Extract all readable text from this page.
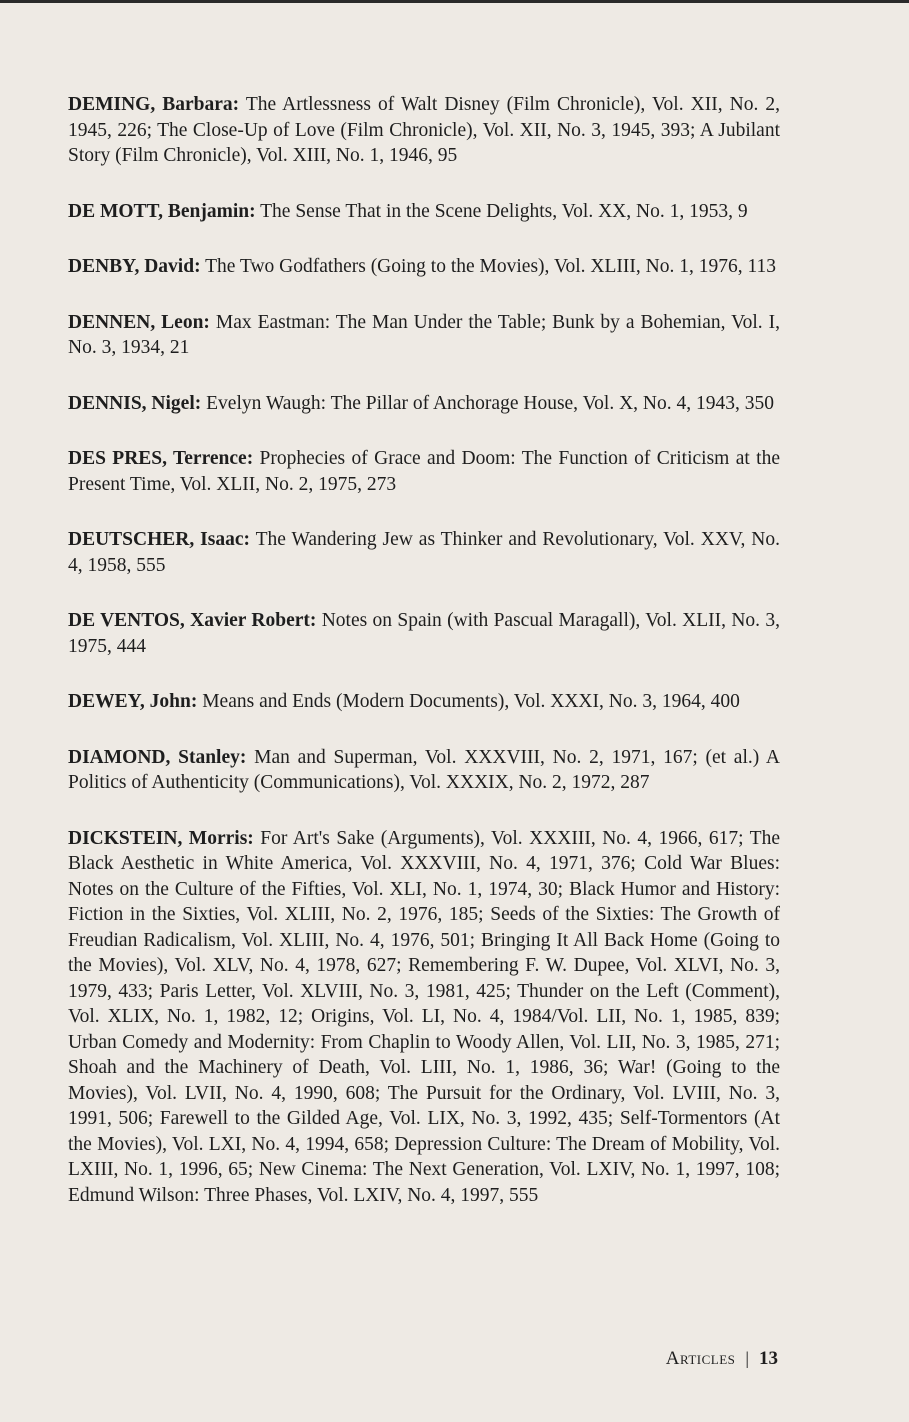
DEMING, Barbara: The Artlessness of Walt Disney (Film Chronicle), Vol. XII, No. 2, 1945, 226; The Close-Up of Love (Film Chronicle), Vol. XII, No. 3, 1945, 393; A Jubilant Story (Film Chronicle), Vol. XIII, No. 1, 1946, 95

DE MOTT, Benjamin: The Sense That in the Scene Delights, Vol. XX, No. 1, 1953, 9

DENBY, David: The Two Godfathers (Going to the Movies), Vol. XLIII, No. 1, 1976, 113

DENNEN, Leon: Max Eastman: The Man Under the Table; Bunk by a Bohemian, Vol. I, No. 3, 1934, 21

DENNIS, Nigel: Evelyn Waugh: The Pillar of Anchorage House, Vol. X, No. 4, 1943, 350

DES PRES, Terrence: Prophecies of Grace and Doom: The Function of Criticism at the Present Time, Vol. XLII, No. 2, 1975, 273

DEUTSCHER, Isaac: The Wandering Jew as Thinker and Revolutionary, Vol. XXV, No. 4, 1958, 555

DE VENTOS, Xavier Robert: Notes on Spain (with Pascual Maragall), Vol. XLII, No. 3, 1975, 444

DEWEY, John: Means and Ends (Modern Documents), Vol. XXXI, No. 3, 1964, 400

DIAMOND, Stanley: Man and Superman, Vol. XXXVIII, No. 2, 1971, 167; (et al.) A Politics of Authenticity (Communications), Vol. XXXIX, No. 2, 1972, 287

DICKSTEIN, Morris: For Art's Sake (Arguments), Vol. XXXIII, No. 4, 1966, 617; The Black Aesthetic in White America, Vol. XXXVIII, No. 4, 1971, 376; Cold War Blues: Notes on the Culture of the Fifties, Vol. XLI, No. 1, 1974, 30; Black Humor and History: Fiction in the Sixties, Vol. XLIII, No. 2, 1976, 185; Seeds of the Sixties: The Growth of Freudian Radicalism, Vol. XLIII, No. 4, 1976, 501; Bringing It All Back Home (Going to the Movies), Vol. XLV, No. 4, 1978, 627; Remembering F. W. Dupee, Vol. XLVI, No. 3, 1979, 433; Paris Letter, Vol. XLVIII, No. 3, 1981, 425; Thunder on the Left (Comment), Vol. XLIX, No. 1, 1982, 12; Origins, Vol. LI, No. 4, 1984/Vol. LII, No. 1, 1985, 839; Urban Comedy and Modernity: From Chaplin to Woody Allen, Vol. LII, No. 3, 1985, 271; Shoah and the Machinery of Death, Vol. LIII, No. 1, 1986, 36; War! (Going to the Movies), Vol. LVII, No. 4, 1990, 608; The Pursuit for the Ordinary, Vol. LVIII, No. 3, 1991, 506; Farewell to the Gilded Age, Vol. LIX, No. 3, 1992, 435; Self-Tormentors (At the Movies), Vol. LXI, No. 4, 1994, 658; Depression Culture: The Dream of Mobility, Vol. LXIII, No. 1, 1996, 65; New Cinema: The Next Generation, Vol. LXIV, No. 1, 1997, 108; Edmund Wilson: Three Phases, Vol. LXIV, No. 4, 1997, 555

Articles | 13
